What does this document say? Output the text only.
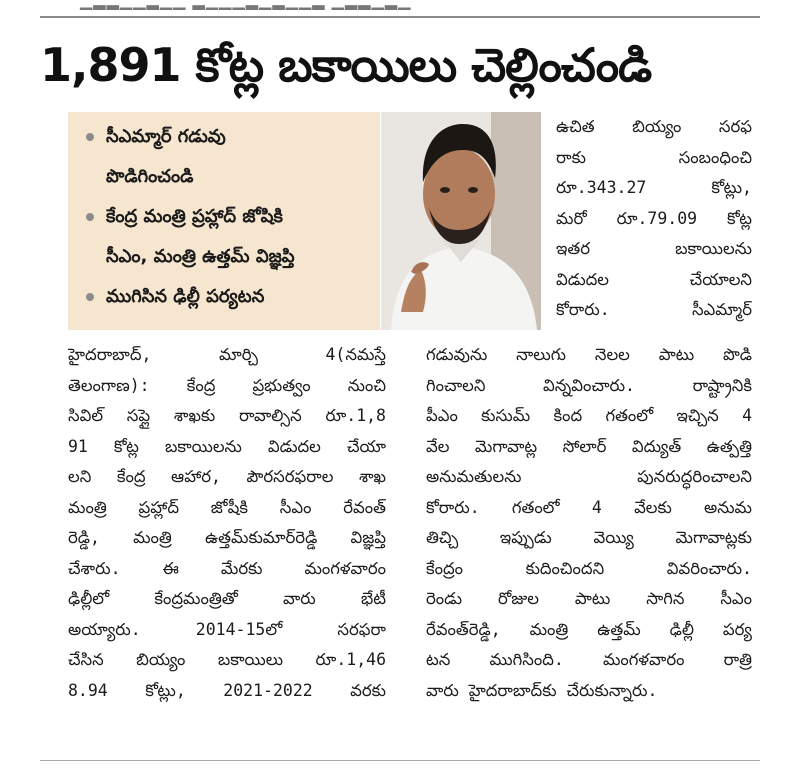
▁▂▂▁▁▂▁▁ ▂▁▁▁▂▁▂▁▁▂ ▁▂▂▁▂▁
1,891 కోట్ల బకాయిలు చెల్లించండి
సీఎమ్మార్ గడువు
పొడిగించండి
కేంద్ర మంత్రి ప్రహ్లాద్ జోషికి
సీఎం, మంత్రి ఉత్తమ్ విజ్ఞప్తి
ముగిసిన ఢిల్లీ పర్యటన
ఉచిత బియ్యం సరఫ
రాకు సంబంధించి
రూ.343.27 కోట్లు,
మరో రూ.79.09 కోట్ల
ఇతర బకాయిలను
విడుదల చేయాలని
కోరారు. సీఎమ్మార్
హైదరాబాద్, మార్చి 4(నమస్తే
తెలంగాణ): కేంద్ర ప్రభుత్వం నుంచి
సివిల్ సప్లై శాఖకు రావాల్సిన రూ.1,8
91 కోట్ల బకాయిలను విడుదల చేయా
లని కేంద్ర ఆహార, పౌరసరఫరాల శాఖ
మంత్రి ప్రహ్లాద్ జోషీకి సీఎం రేవంత్
రెడ్డి, మంత్రి ఉత్తమ్‌కుమార్‌రెడ్డి విజ్ఞప్తి
చేశారు. ఈ మేరకు మంగళవారం
ఢిల్లీలో కేంద్రమంత్రితో వారు భేటీ
అయ్యారు. 2014-15లో సరఫరా
చేసిన బియ్యం బకాయిలు రూ.1,46
8.94 కోట్లు, 2021-2022 వరకు
గడువును నాలుగు నెలల పాటు పొడి
గించాలని విన్నవించారు. రాష్ట్రానికి
పీఎం కుసుమ్ కింద గతంలో ఇచ్చిన 4
వేల మెగావాట్ల సోలార్ విద్యుత్ ఉత్పత్తి
అనుమతులను పునరుద్ధరించాలని
కోరారు. గతంలో 4 వేలకు అనుమ
తిచ్చి ఇప్పుడు వెయ్యి మెగావాట్లకు
కేంద్రం కుదించిందని వివరించారు.
రెండు రోజుల పాటు సాగిన సీఎం
రేవంత్‌రెడ్డి, మంత్రి ఉత్తమ్ ఢిల్లీ పర్య
టన ముగిసింది. మంగళవారం రాత్రి
వారు హైదరాబాద్‌కు చేరుకున్నారు.
